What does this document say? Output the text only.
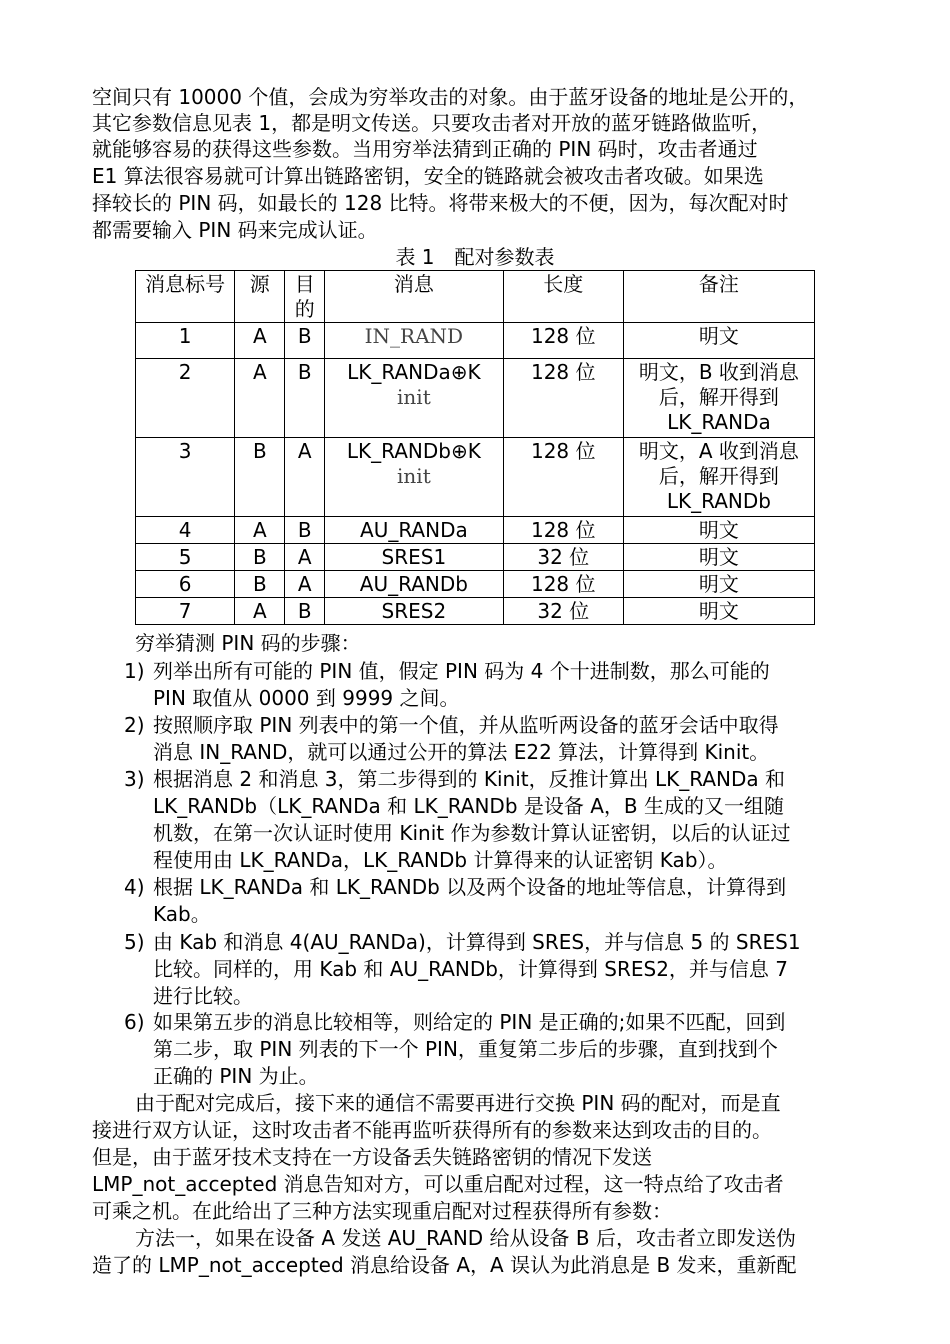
空间只有 10000 个值，会成为穷举攻击的对象。由于蓝牙设备的地址是公开的，
其它参数信息见表 1，都是明文传送。只要攻击者对开放的蓝牙链路做监听，
就能够容易的获得这些参数。当用穷举法猜到正确的 PIN 码时，攻击者通过
E1 算法很容易就可计算出链路密钥，安全的链路就会被攻击者攻破。如果选
择较长的 PIN 码，如最长的 128 比特。将带来极大的不便，因为，每次配对时
都需要输入 PIN 码来完成认证。
表 1　配对参数表
消息标号	源	目的	消息	长度	备注
1	A	B	IN_RAND	128 位	明文
2	A	B	LK_RANDa⊕K
init	128 位	明文，B 收到消息后，解开得到 LK_RANDa
3	B	A	LK_RANDb⊕K
init	128 位	明文，A 收到消息后，解开得到 LK_RANDb
4	A	B	AU_RANDa	128 位	明文
5	B	A	SRES1	32 位	明文
6	B	A	AU_RANDb	128 位	明文
7	A	B	SRES2	32 位	明文
穷举猜测 PIN 码的步骤：
1) 列举出所有可能的 PIN 值，假定 PIN 码为 4 个十进制数，那么可能的
PIN 取值从 0000 到 9999 之间。
2) 按照顺序取 PIN 列表中的第一个值，并从监听两设备的蓝牙会话中取得
消息 IN_RAND，就可以通过公开的算法 E22 算法，计算得到 Kinit。
3) 根据消息 2 和消息 3，第二步得到的 Kinit，反推计算出 LK_RANDa 和
LK_RANDb（LK_RANDa 和 LK_RANDb 是设备 A，B 生成的又一组随
机数，在第一次认证时使用 Kinit 作为参数计算认证密钥，以后的认证过
程使用由 LK_RANDa，LK_RANDb 计算得来的认证密钥 Kab）。
4) 根据 LK_RANDa 和 LK_RANDb 以及两个设备的地址等信息，计算得到
Kab。
5) 由 Kab 和消息 4(AU_RANDa)，计算得到 SRES，并与信息 5 的 SRES1
比较。同样的，用 Kab 和 AU_RANDb，计算得到 SRES2，并与信息 7
进行比较。
6) 如果第五步的消息比较相等，则给定的 PIN 是正确的;如果不匹配，回到
第二步，取 PIN 列表的下一个 PIN，重复第二步后的步骤，直到找到个
正确的 PIN 为止。
由于配对完成后，接下来的通信不需要再进行交换 PIN 码的配对，而是直
接进行双方认证，这时攻击者不能再监听获得所有的参数来达到攻击的目的。
但是，由于蓝牙技术支持在一方设备丢失链路密钥的情况下发送
LMP_not_accepted 消息告知对方，可以重启配对过程，这一特点给了攻击者
可乘之机。在此给出了三种方法实现重启配对过程获得所有参数：
方法一，如果在设备 A 发送 AU_RAND 给从设备 B 后，攻击者立即发送伪
造了的 LMP_not_accepted 消息给设备 A，A 误认为此消息是 B 发来，重新配
